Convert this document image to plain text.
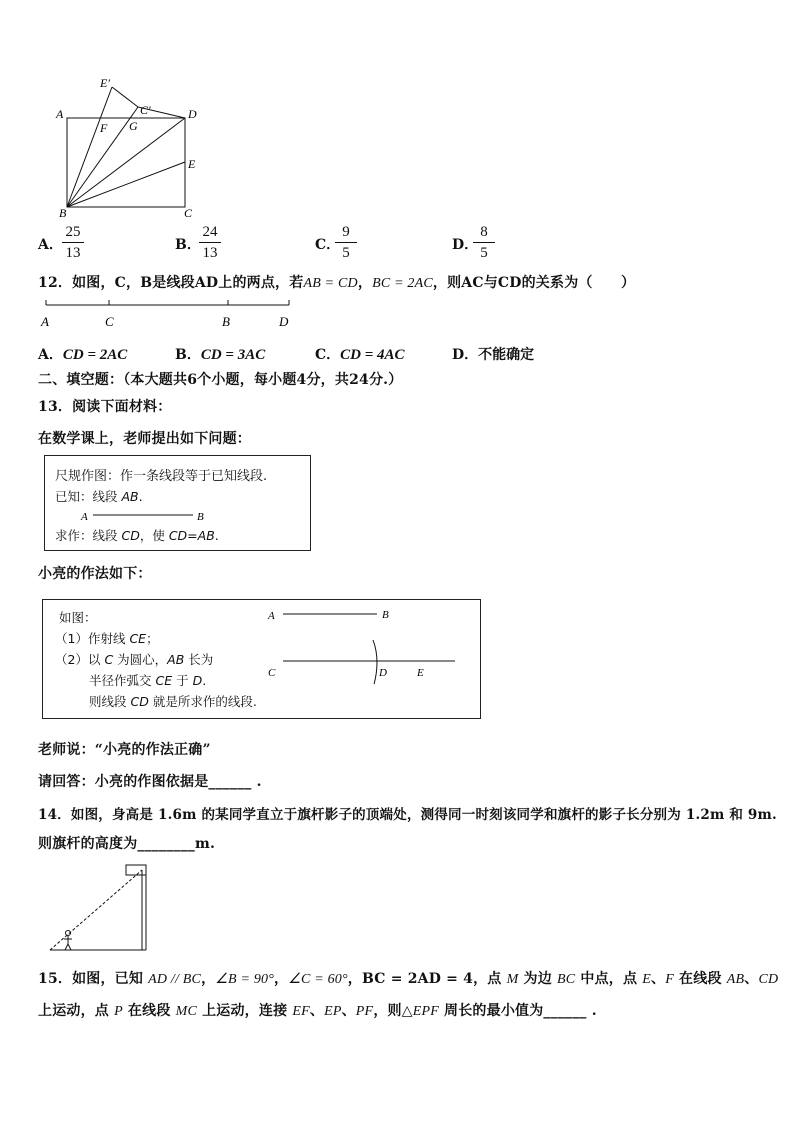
E′
C′
A	D
F G
E
B	C
A．
25
13	B．
24
13	C．
9
5	D．
8
5
12．如图，C，B是线段AD上的两点，若AB = CD，BC = 2AC，则AC与CD的关系为（　　）
A	C	B	D
A．CD = 2AC	B．CD = 3AC	C．CD = 4AC	D．不能确定
二、填空题：（本大题共6个小题，每小题4分，共24分.）
13．阅读下面材料：
在数学课上，老师提出如下问题：
尺规作图：作一条线段等于已知线段.
已知：线段 AB.
A	B
求作：线段 CD，使 CD=AB.
小亮的作法如下：
如图：
（1）作射线 CE；
（2）以 C 为圆心，AB 长为
半径作弧交 CE 于 D.
则线段 CD 就是所求作的线段.
A	B
C	D	E
老师说：“小亮的作法正确”
请回答：小亮的作图依据是______ .
14．如图，身高是 1.6m 的某同学直立于旗杆影子的顶端处，测得同一时刻该同学和旗杆的影子长分别为 1.2m 和 9m.
则旗杆的高度为________m.
15．如图，已知 AD // BC，∠B = 90°，∠C = 60°，BC = 2AD = 4，点 M 为边 BC 中点，点 E、F 在线段 AB、CD
上运动，点 P 在线段 MC 上运动，连接 EF、EP、PF，则△EPF 周长的最小值为______ .
